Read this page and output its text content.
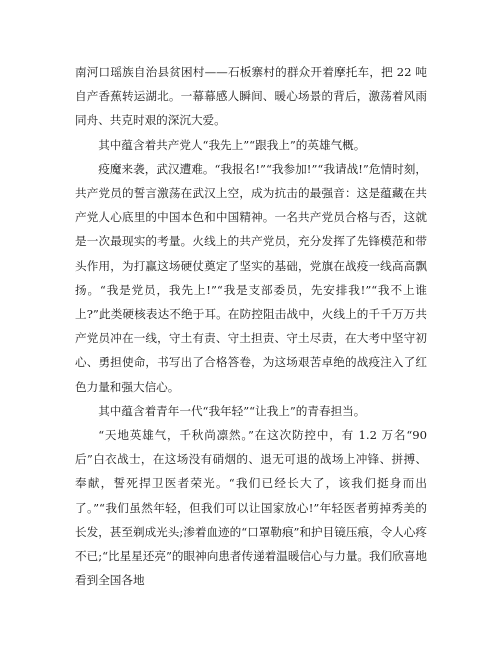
南河口瑶族自治县贫困村——石板寨村的群众开着摩托车，把 22 吨自产香蕉转运湖北。一幕幕感人瞬间、暖心场景的背后，激荡着风雨同舟、共克时艰的深沉大爱。

其中蕴含着共产党人“我先上”“跟我上”的英雄气概。

疫魔来袭，武汉遭难。“我报名!”“我参加!”“我请战!”危情时刻，共产党员的誓言激荡在武汉上空，成为抗击的最强音：这是蕴藏在共产党人心底里的中国本色和中国精神。一名共产党员合格与否，这就是一次最现实的考量。火线上的共产党员，充分发挥了先锋模范和带头作用，为打赢这场硬仗奠定了坚实的基础，党旗在战疫一线高高飘扬。“我是党员，我先上!”“我是支部委员，先安排我!”“我不上谁上?”此类硬核表达不绝于耳。在防控阻击战中，火线上的千千万万共产党员冲在一线，守土有责、守土担责、守土尽责，在大考中坚守初心、勇担使命，书写出了合格答卷，为这场艰苦卓绝的战疫注入了红色力量和强大信心。

其中蕴含着青年一代“我年轻”“让我上”的青春担当。

“天地英雄气，千秋尚凛然。”在这次防控中，有 1.2 万名“90 后”白衣战士，在这场没有硝烟的、退无可退的战场上冲锋、拼搏、奉献，誓死捍卫医者荣光。“我们已经长大了，该我们挺身而出了。”“我们虽然年轻，但我们可以让国家放心!”年轻医者剪掉秀美的长发，甚至剃成光头;渗着血迹的“口罩勒痕”和护目镜压痕，令人心疼不已;“比星星还亮”的眼神向患者传递着温暖信心与力量。我们欣喜地看到全国各地
